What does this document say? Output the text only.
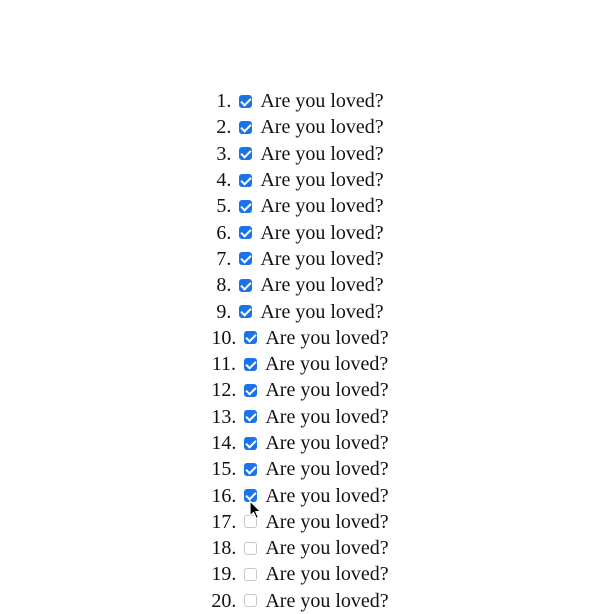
1. Are you loved?
2. Are you loved?
3. Are you loved?
4. Are you loved?
5. Are you loved?
6. Are you loved?
7. Are you loved?
8. Are you loved?
9. Are you loved?
10. Are you loved?
11. Are you loved?
12. Are you loved?
13. Are you loved?
14. Are you loved?
15. Are you loved?
16. Are you loved?
17. Are you loved?
18. Are you loved?
19. Are you loved?
20. Are you loved?
